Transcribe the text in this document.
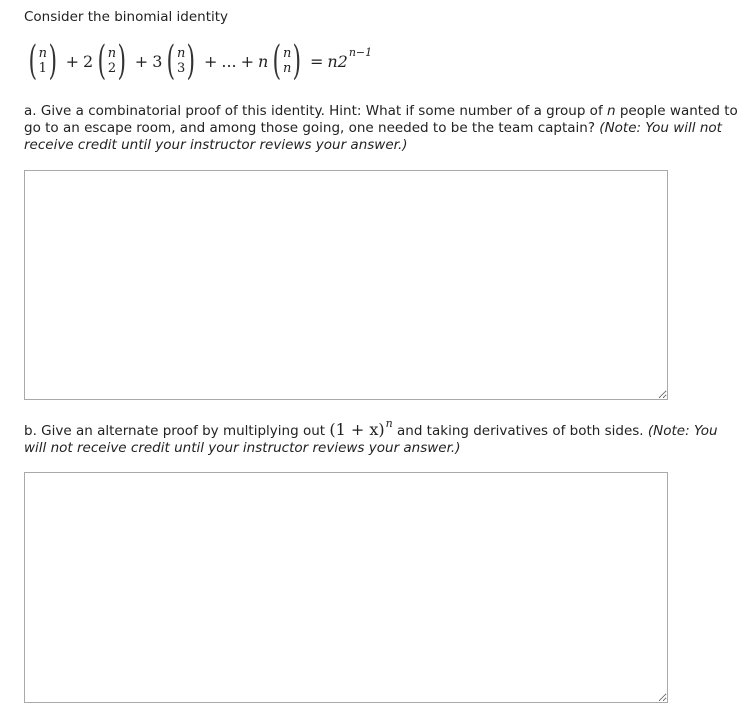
Consider the binomial identity
( n
1 ) + 2 ( n
2 ) + 3 ( n
3 ) + ... + n ( n
n ) = n2 n−1
a. Give a combinatorial proof of this identity. Hint: What if some number of a group of n people wanted to
go to an escape room, and among those going, one needed to be the team captain? (Note: You will not
receive credit until your instructor reviews your answer.)
b. Give an alternate proof by multiplying out $(1 + x)^n$ and taking derivatives of both sides. (Note: You
will not receive credit until your instructor reviews your answer.)
